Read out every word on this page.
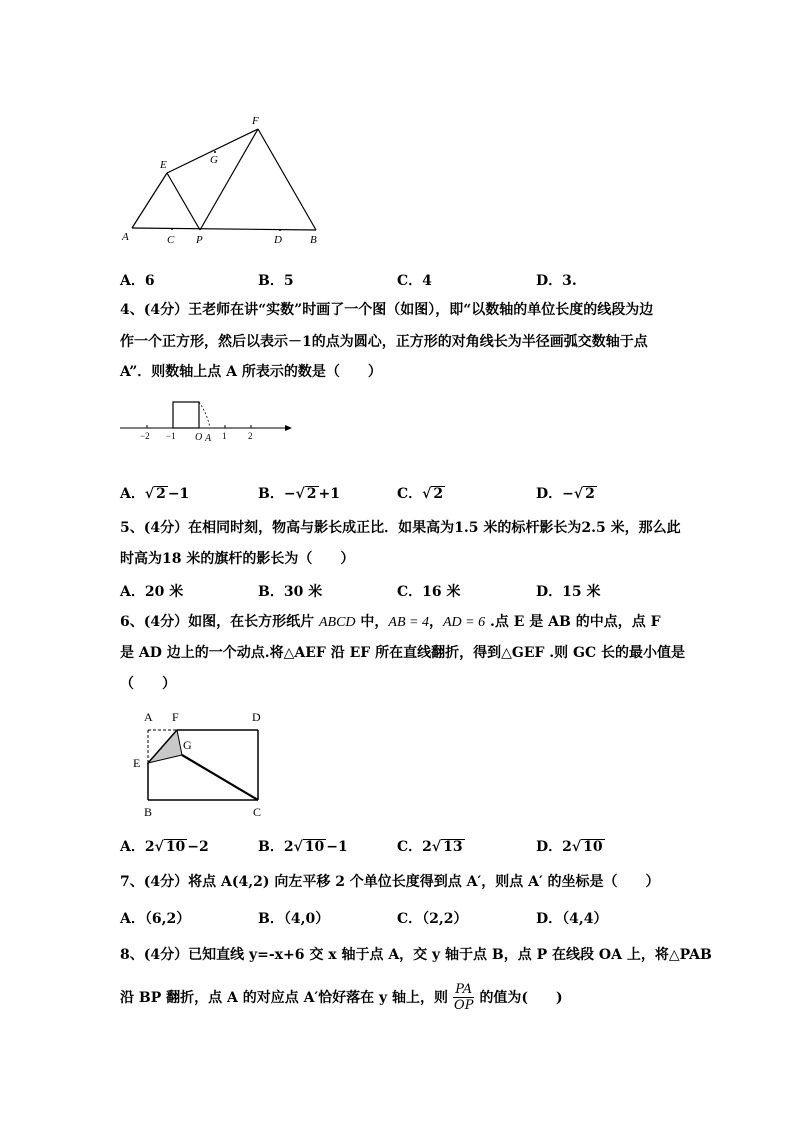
A	C P	D	B
E
F
G
A．6	B．5	C．4	D．3.
4、(4分）王老师在讲“实数”时画了一个图（如图），即“以数轴的单位长度的线段为边
作一个正方形，然后以表示－1的点为圆心，正方形的对角线长为半径画弧交数轴于点
A”．则数轴上点 A 所表示的数是（　　）
−2 −1 O A 1 2
A．√ 2 −1	B．−√ 2 +1	C．√ 2	D．−√ 2
5、(4分）在相同时刻，物高与影长成正比．如果高为1.5 米的标杆影长为2.5 米，那么此
时高为18 米的旗杆的影长为（　　）
A．20 米	B．30 米	C．16 米	D．15 米
6、(4分）如图，在长方形纸片 ABCD 中，AB = 4，AD = 6 .点 E 是 AB 的中点，点 F
是 AD 边上的一个动点.将△AEF 沿 EF 所在直线翻折，得到△GEF .则 GC 长的最小值是
（　　）
A F	D
G
E
B	C
A．2√ 10 −2	B．2√ 10 −1	C．2√ 13	D．2√ 10
7、(4分）将点 A(4,2) 向左平移 2 个单位长度得到点 A′，则点 A′ 的坐标是（　　）
A．（6,2）	B．（4,0）	C．（2,2）	D．（4,4）
8、(4分）已知直线 y=-x+6 交 x 轴于点 A，交 y 轴于点 B，点 P 在线段 OA 上，将△PAB
沿 BP 翻折，点 A 的对应点 A′恰好落在 y 轴上，则 PA
OP 的值为(　　)
